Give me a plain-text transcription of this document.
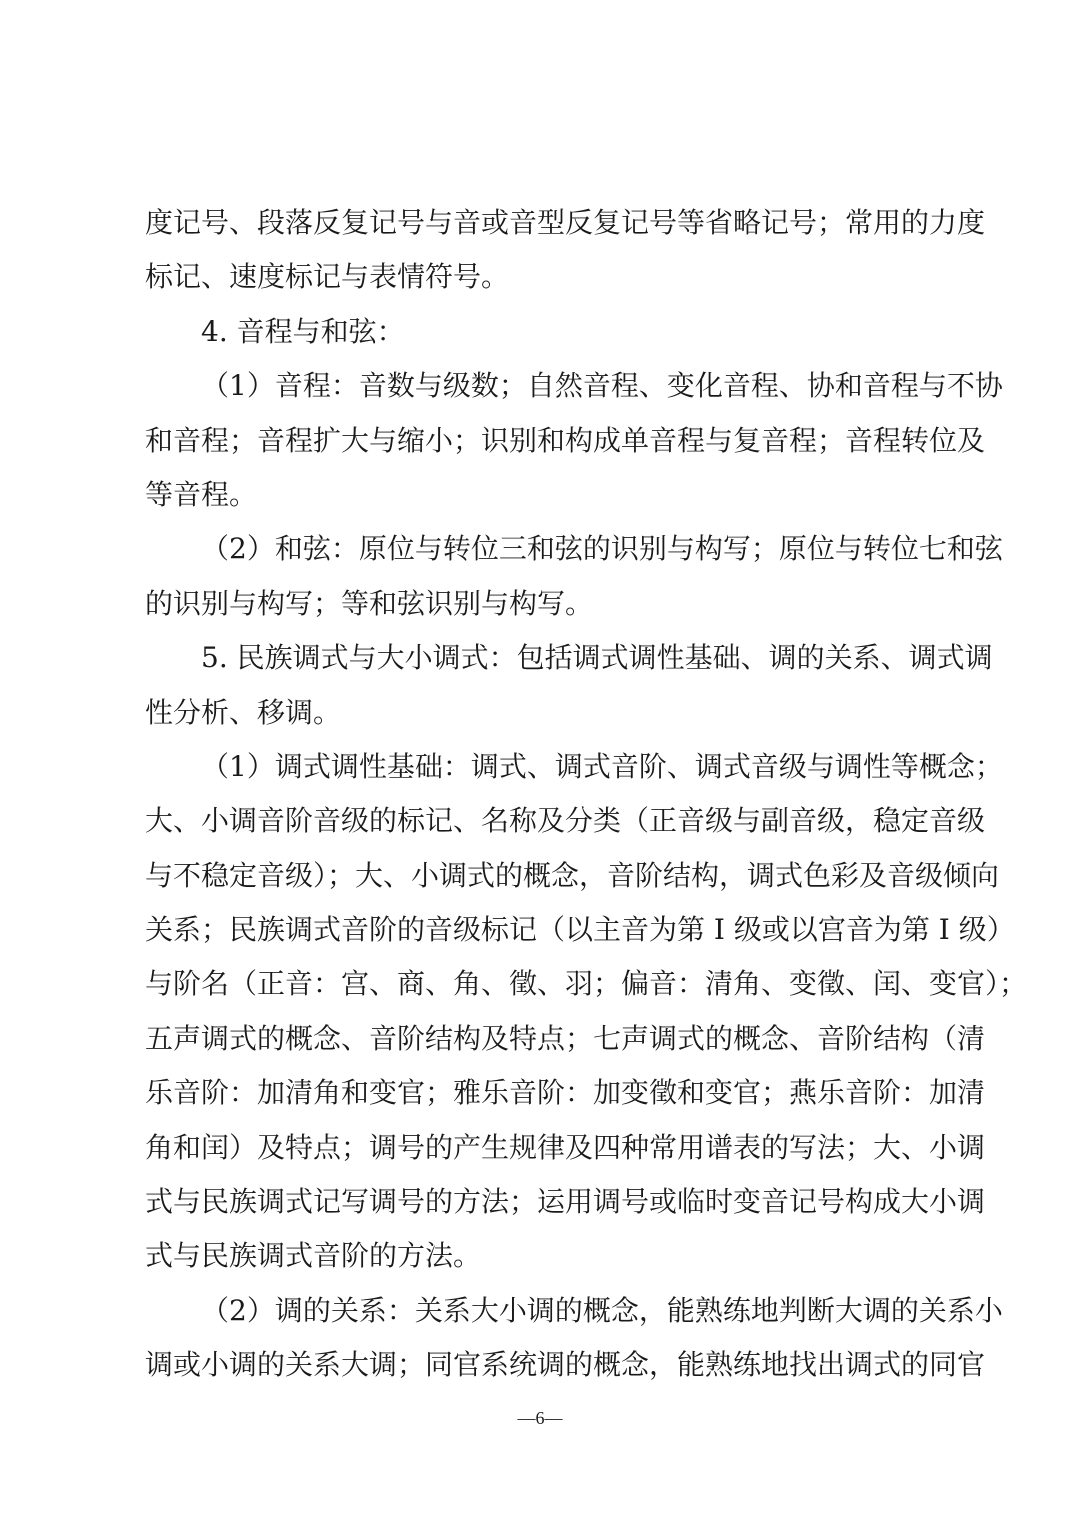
度记号、段落反复记号与音或音型反复记号等省略记号；常用的力度
标记、速度标记与表情符号。
4. 音程与和弦：
（1）音程：音数与级数；自然音程、变化音程、协和音程与不协
和音程；音程扩大与缩小；识别和构成单音程与复音程；音程转位及
等音程。
（2）和弦：原位与转位三和弦的识别与构写；原位与转位七和弦
的识别与构写；等和弦识别与构写。
5. 民族调式与大小调式：包括调式调性基础、调的关系、调式调
性分析、移调。
（1）调式调性基础：调式、调式音阶、调式音级与调性等概念；
大、小调音阶音级的标记、名称及分类（正音级与副音级，稳定音级
与不稳定音级）；大、小调式的概念，音阶结构，调式色彩及音级倾向
关系；民族调式音阶的音级标记（以主音为第 I 级或以宫音为第 I 级）
与阶名（正音：宫、商、角、徵、羽；偏音：清角、变徵、闰、变官）；
五声调式的概念、音阶结构及特点；七声调式的概念、音阶结构（清
乐音阶：加清角和变官；雅乐音阶：加变徵和变官；燕乐音阶：加清
角和闰）及特点；调号的产生规律及四种常用谱表的写法；大、小调
式与民族调式记写调号的方法；运用调号或临时变音记号构成大小调
式与民族调式音阶的方法。
（2）调的关系：关系大小调的概念，能熟练地判断大调的关系小
调或小调的关系大调；同官系统调的概念，能熟练地找出调式的同官
—6—
